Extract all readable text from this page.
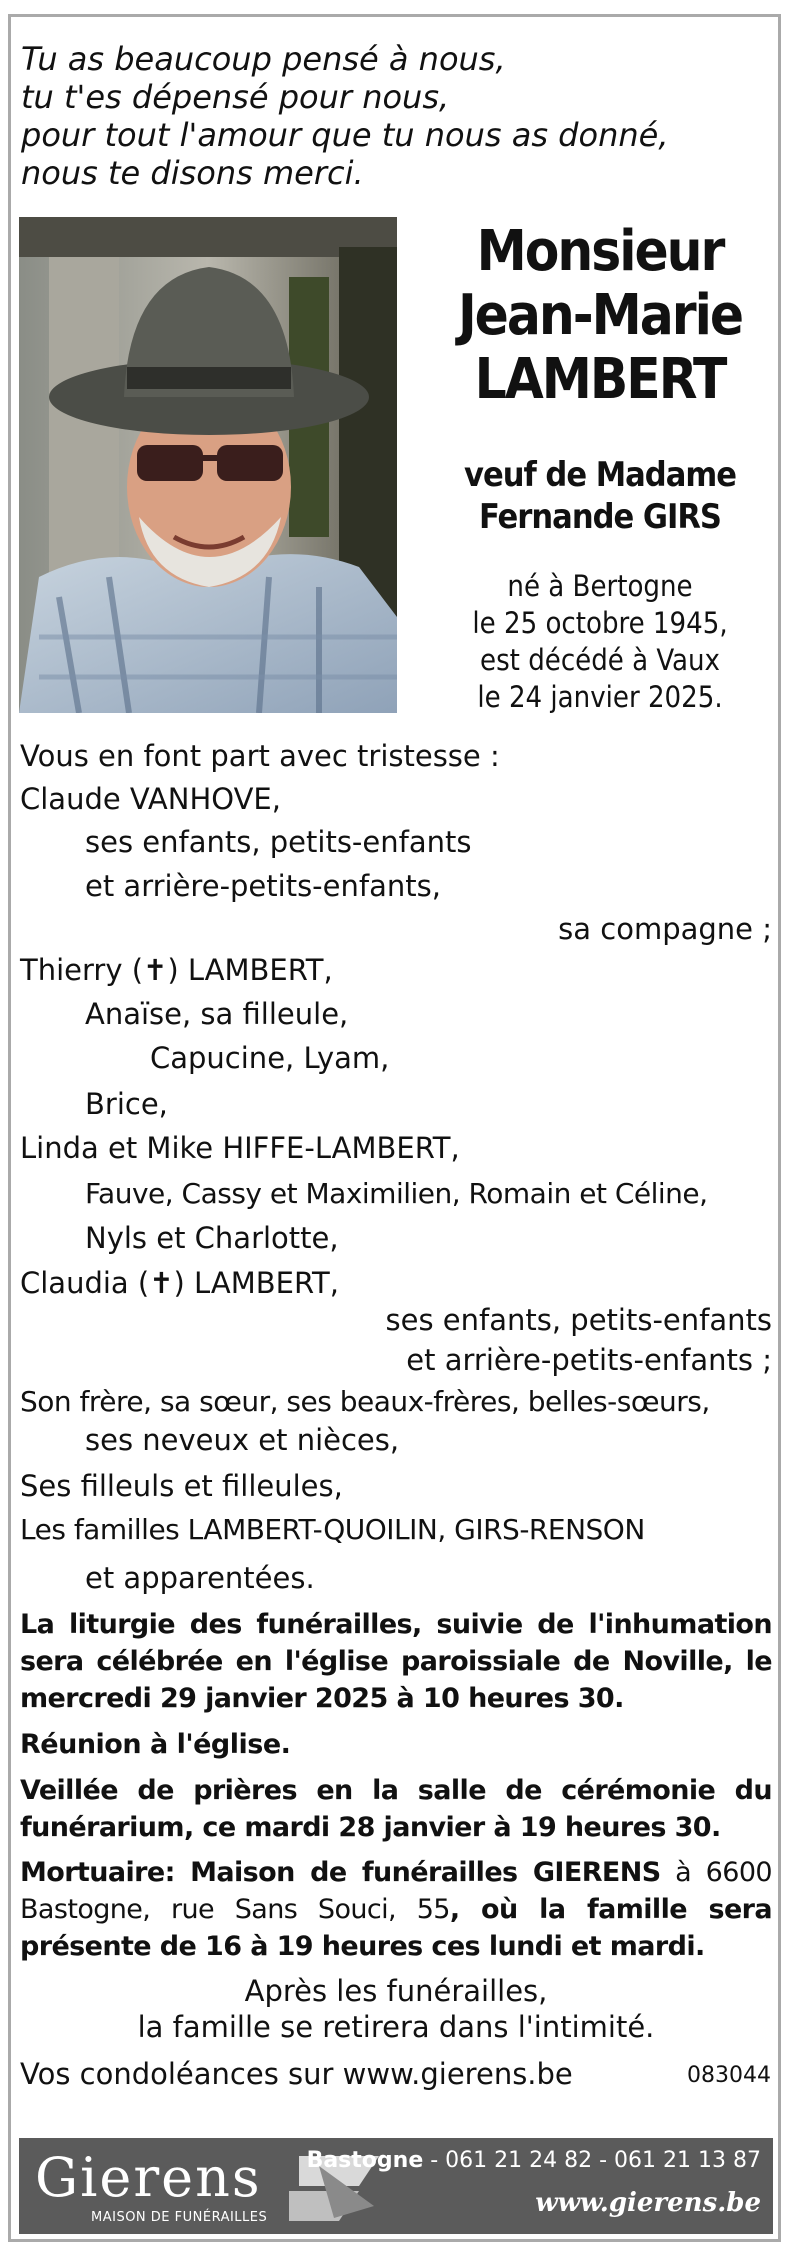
Tu as beaucoup pensé à nous,
tu t'es dépensé pour nous,
pour tout l'amour que tu nous as donné,
nous te disons merci.
Monsieur
Jean-Marie
LAMBERT
veuf de Madame
Fernande GIRS
né à Bertogne
le 25 octobre 1945,
est décédé à Vaux
le 24 janvier 2025.
Vous en font part avec tristesse :
Claude VANHOVE,
ses enfants, petits-enfants
et arrière-petits-enfants,
sa compagne ;
Thierry (✝) LAMBERT,
Anaïse, sa filleule,
Capucine, Lyam,
Brice,
Linda et Mike HIFFE-LAMBERT,
Fauve, Cassy et Maximilien, Romain et Céline,
Nyls et Charlotte,
Claudia (✝) LAMBERT,
ses enfants, petits-enfants
et arrière-petits-enfants ;
Son frère, sa sœur, ses beaux-frères, belles-sœurs,
ses neveux et nièces,
Ses filleuls et filleules,
Les familles LAMBERT-QUOILIN, GIRS-RENSON
et apparentées.
La liturgie des funérailles, suivie de l'inhumation sera célébrée en l'église paroissiale de Noville, le mercredi 29 janvier 2025 à 10 heures 30.
Réunion à l'église.
Veillée de prières en la salle de cérémonie du funérarium, ce mardi 28 janvier à 19 heures 30.
Mortuaire: Maison de funérailles GIERENS à 6600 Bastogne, rue Sans Souci, 55, où la famille sera présente de 16 à 19 heures ces lundi et mardi.
Après les funérailles,
la famille se retirera dans l'intimité.
Vos condoléances sur www.gierens.be	083044
Gierens
MAISON DE FUNÉRAILLES
Bastogne - 061 21 24 82 - 061 21 13 87
www.gierens.be
